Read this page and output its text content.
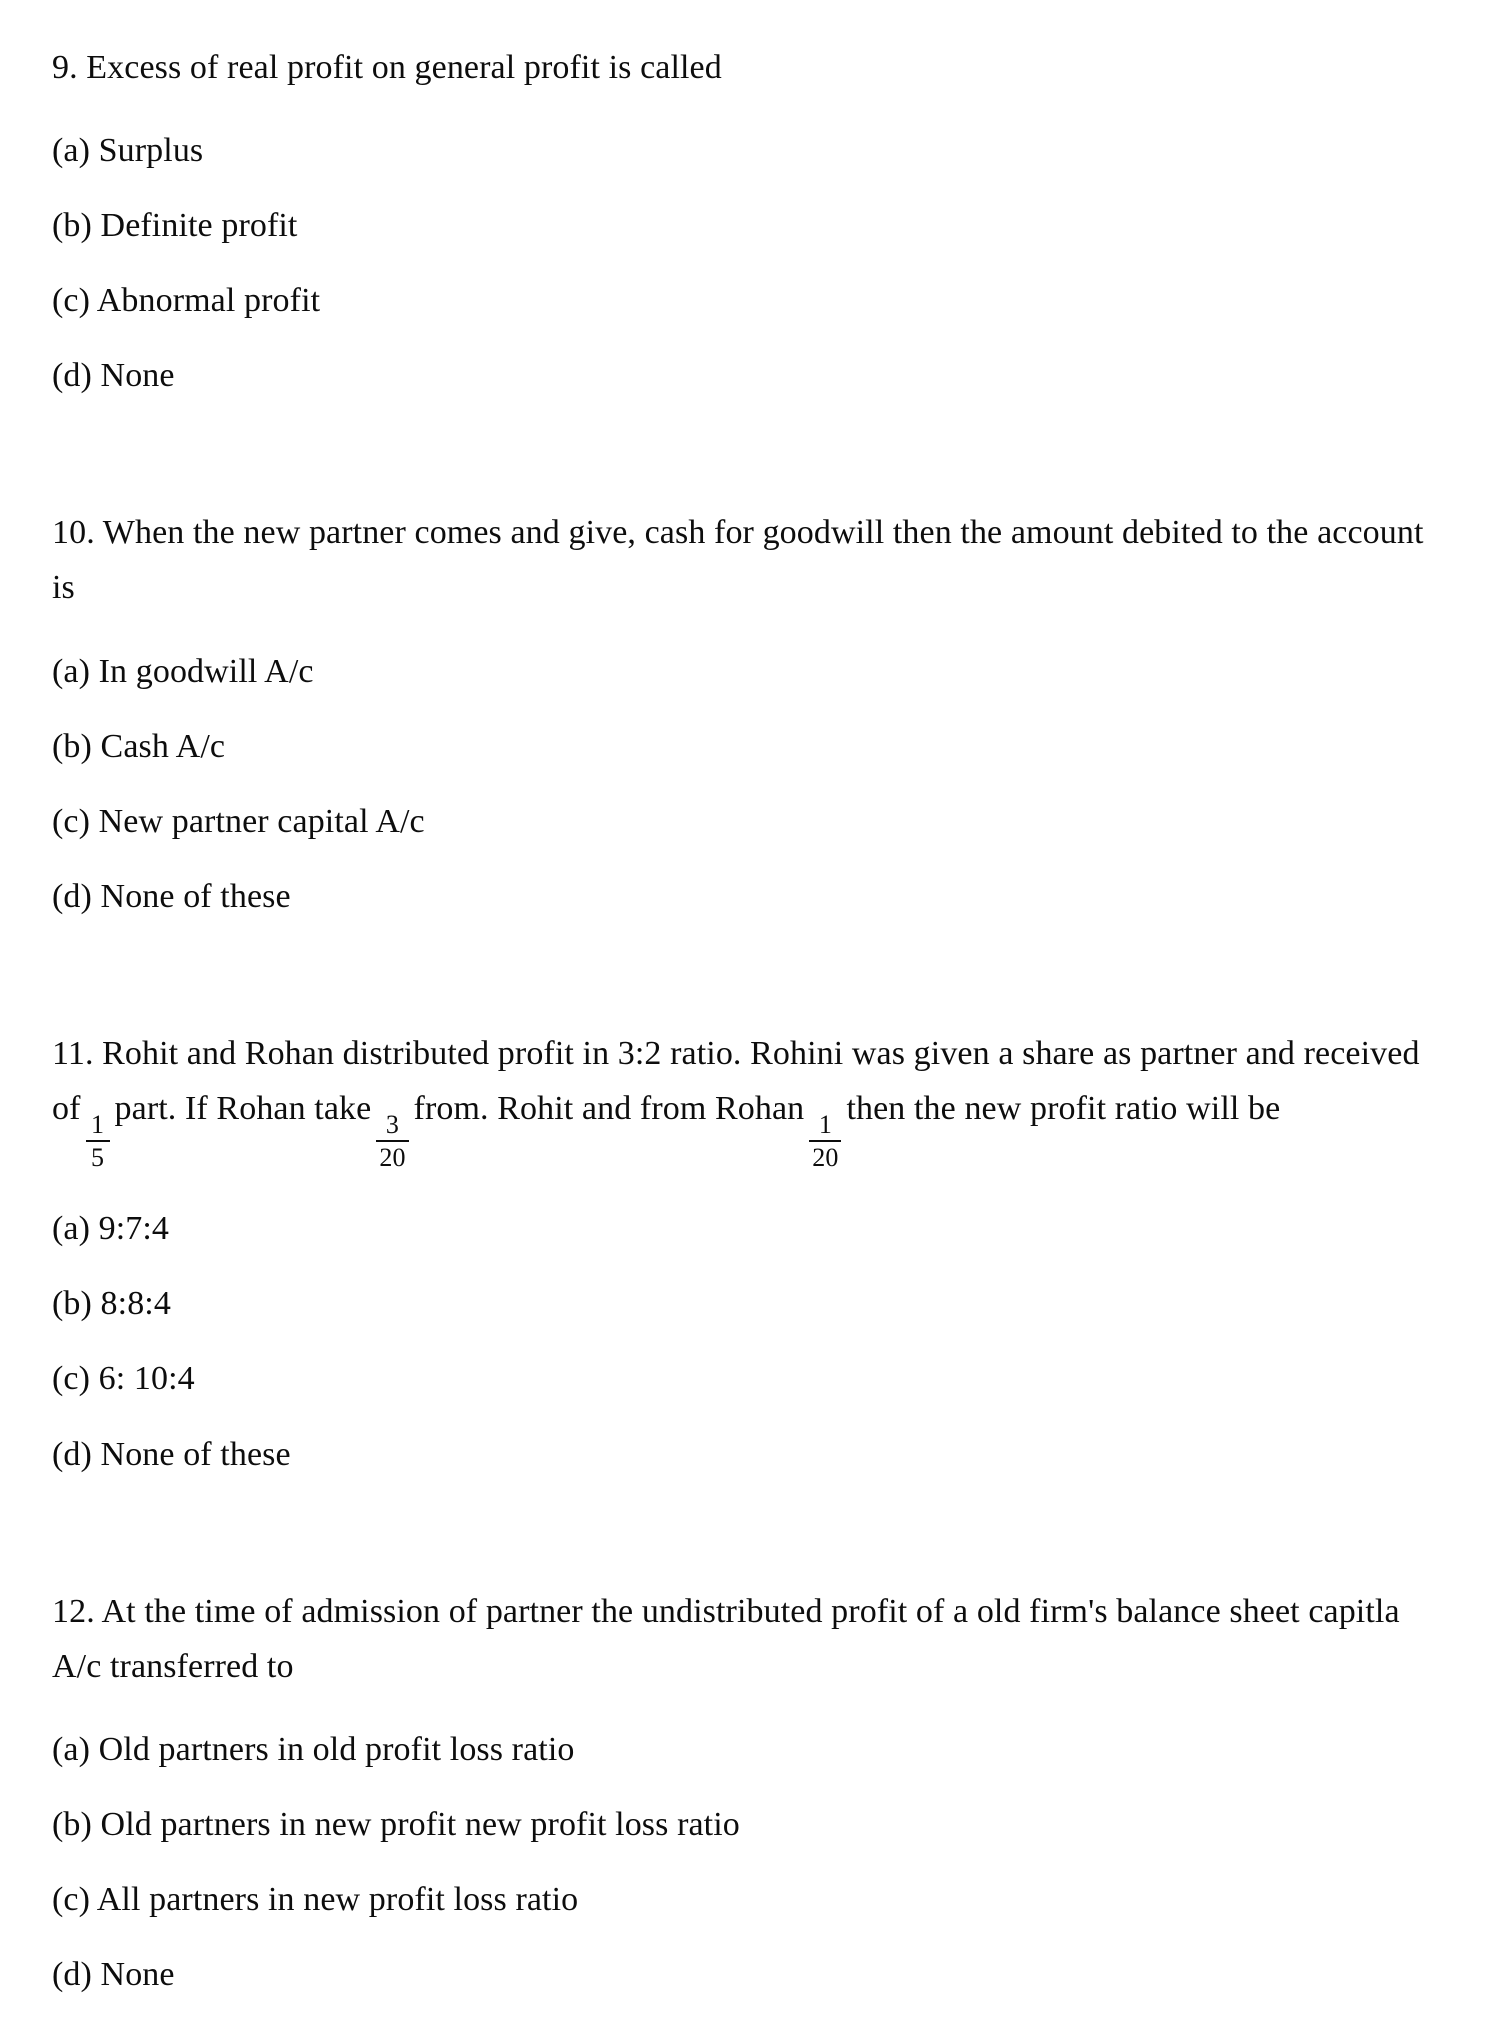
9. Excess of real profit on general profit is called

(a) Surplus

(b) Definite profit

(c) Abnormal profit

(d) None

10. When the new partner comes and give, cash for goodwill then the amount debited to the account is

(a) In goodwill A/c

(b) Cash A/c

(c) New partner capital A/c

(d) None of these

11. Rohit and Rohan distributed profit in 3:2 ratio. Rohini was given a share as partner and received of
$\frac{1}{5}$
part. If Rohan take
$\frac{3}{20}$
from. Rohit and from Rohan
$\frac{1}{20}$
then the new profit ratio will be

(a) 9:7:4

(b) 8:8:4

(c) 6: 10:4

(d) None of these

12. At the time of admission of partner the undistributed profit of a old firm's balance sheet capitla A/c transferred to

(a) Old partners in old profit loss ratio

(b) Old partners in new profit new profit loss ratio

(c) All partners in new profit loss ratio

(d) None
